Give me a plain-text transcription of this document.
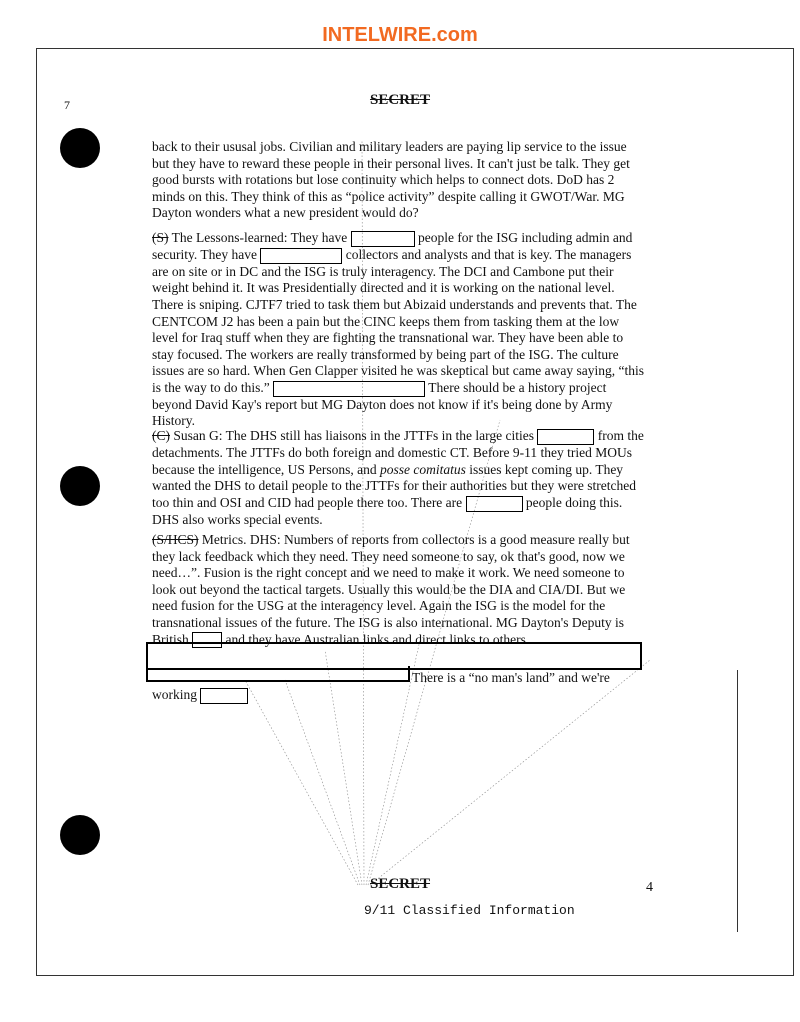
INTELWIRE.com
SECRET
7

back to their ususal jobs. Civilian and military leaders are paying lip service to the issue but they have to reward these people in their personal lives. It can't just be talk. They get good bursts with rotations but lose continuity which helps to connect dots. DoD has 2 minds on this. They think of this as “police activity” despite calling it GWOT/War. MG Dayton wonders what a new president would do?

(S) The Lessons-learned: They have	people for the ISG including admin and security. They have	collectors and analysts and that is key. The managers are on site or in DC and the ISG is truly interagency. The DCI and Cambone put their weight behind it. It was Presidentially directed and it is working on the national level. There is sniping. CJTF7 tried to task them but Abizaid understands and prevents that. The CENTCOM J2 has been a pain but the CINC keeps them from tasking them at the low level for Iraq stuff when they are fighting the transnational war. They have been able to stay focused. The workers are really transformed by being part of the ISG. The culture issues are so hard. When Gen Clapper visited he was skeptical but came away saying, “this is the way to do this.”	There should be a history project beyond David Kay's report but MG Dayton does not know if it's being done by Army History.

(C) Susan G: The DHS still has liaisons in the JTTFs in the large cities	from the detachments. The JTTFs do both foreign and domestic CT. Before 9-11 they tried MOUs because the intelligence, US Persons, and posse comitatus issues kept coming up. They wanted the DHS to detail people to the JTTFs for their authorities but they were stretched too thin and OSI and CID had people there too. There are	people doing this. DHS also works special events.

(S/HCS) Metrics. DHS: Numbers of reports from collectors is a good measure really but they lack feedback which they need. They need someone to say, ok that's good, now we need…”. Fusion is the right concept and we need to make it work. We need someone to look out beyond the tactical targets. Usually this would be the DIA and CIA/DI. But we need fusion for the USG at the interagency level. Again the ISG is the model for the transnational issues of the future. The ISG is also international. MG Dayton's Deputy is British  and they have Australian links and direct links to others.

There is a “no man's land” and we're
working
SECRET	4
9/11 Classified Information
